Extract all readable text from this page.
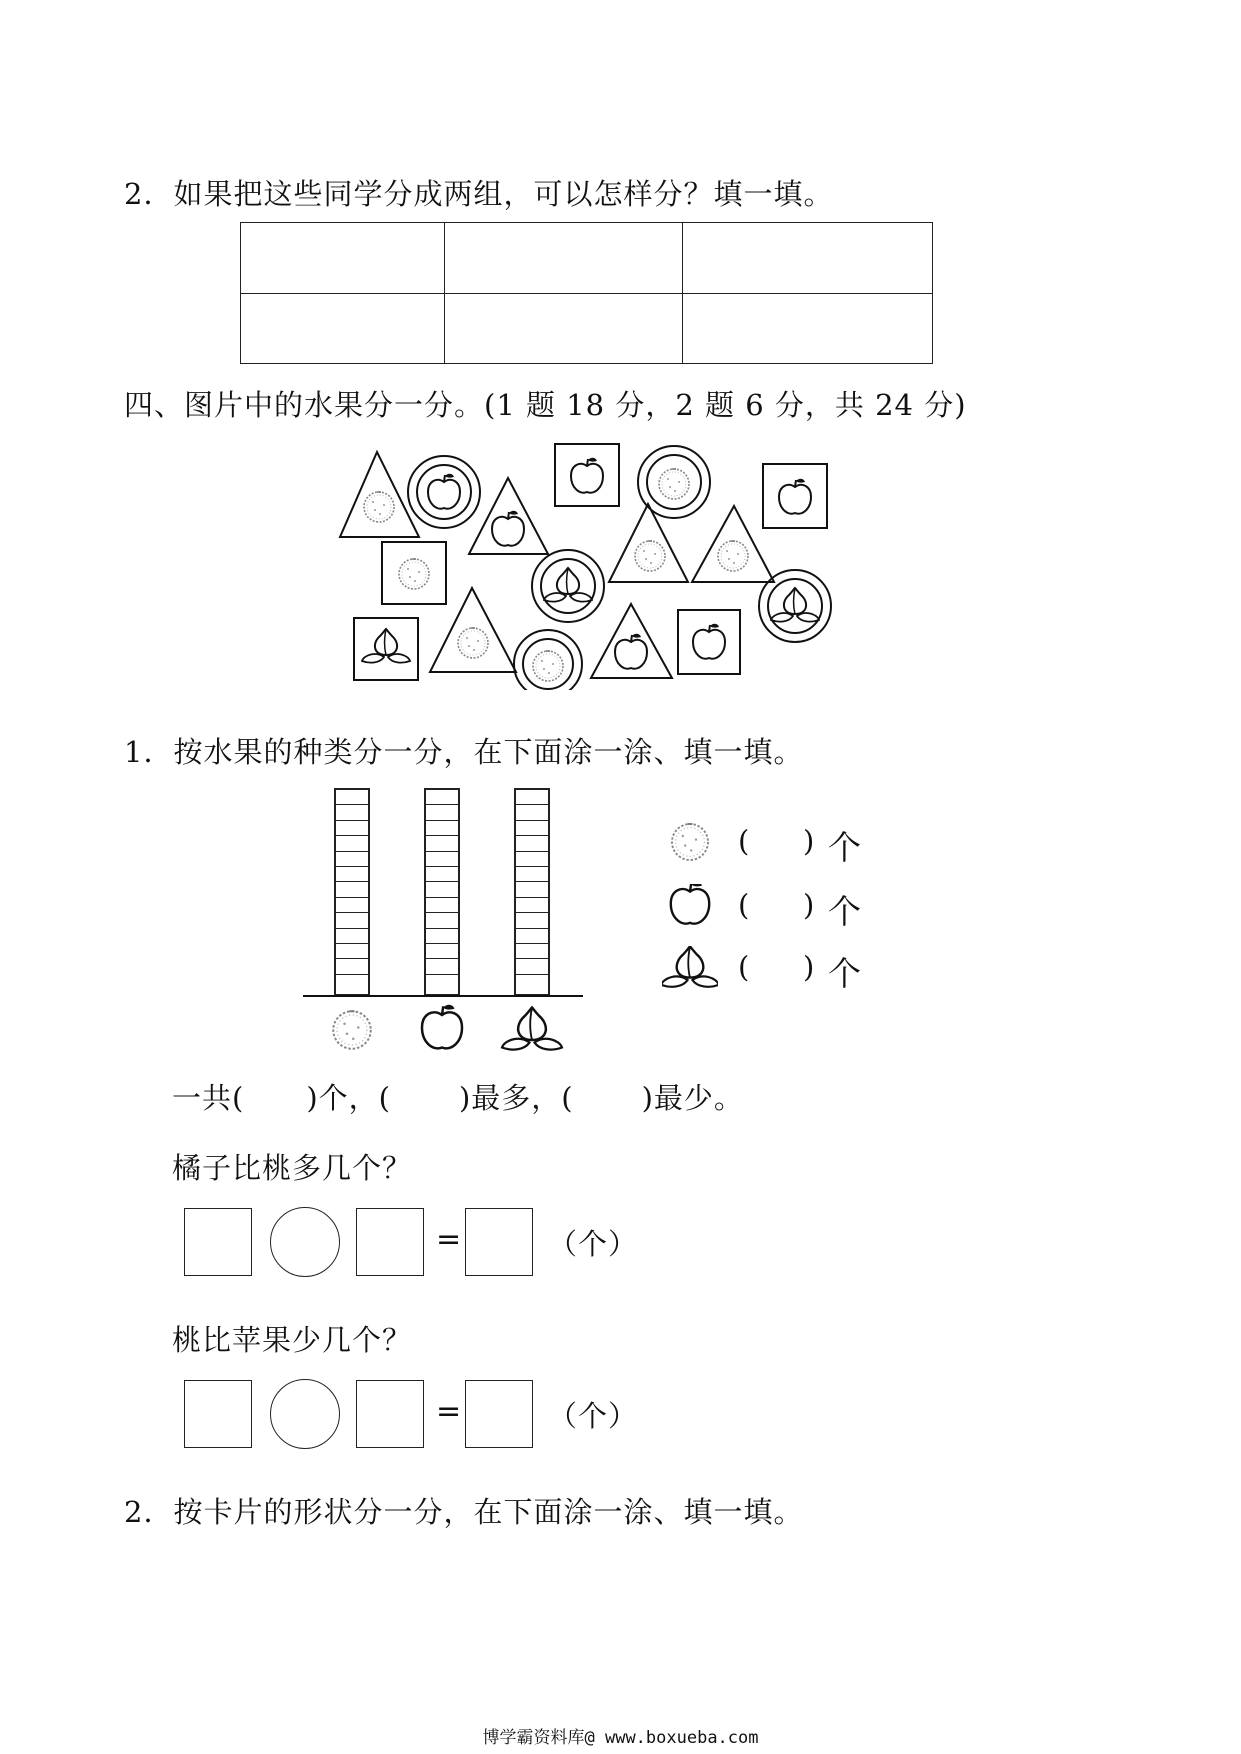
2．如果把这些同学分成两组，可以怎样分？填一填。
四、图片中的水果分一分。(1 题 18 分，2 题 6 分，共 24 分)
1．按水果的种类分一分，在下面涂一涂、填一填。
( ) 个
( ) 个
( ) 个
一共( )个，( )最多，( )最少。
橘子比桃多几个？
=	（个）
桃比苹果少几个？
=	（个）
2．按卡片的形状分一分，在下面涂一涂、填一填。
博学霸资料库@ www.boxueba.com
